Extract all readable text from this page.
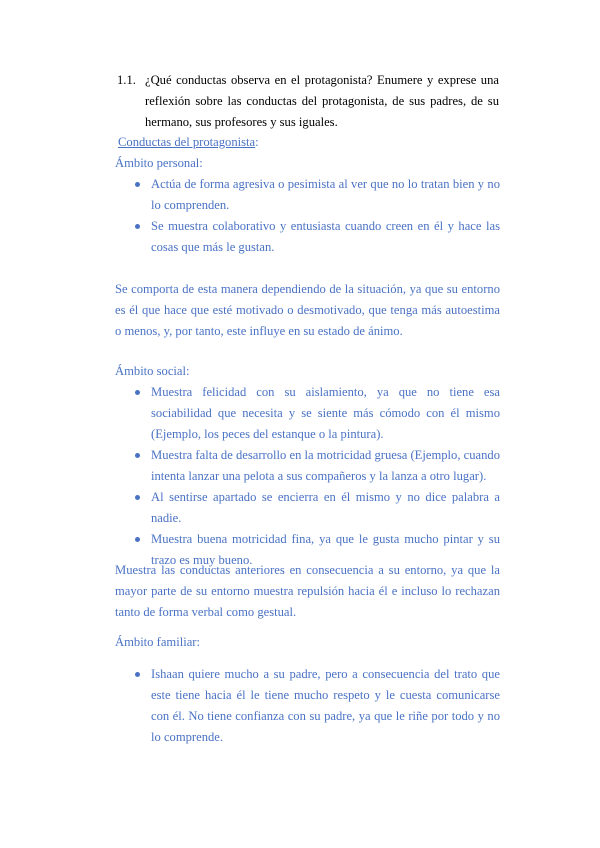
1.1. ¿Qué conductas observa en el protagonista? Enumere y exprese una reflexión sobre las conductas del protagonista, de sus padres, de su hermano, sus profesores y sus iguales.
Conductas del protagonista:
Ámbito personal:
Actúa de forma agresiva o pesimista al ver que no lo tratan bien y no lo comprenden.
Se muestra colaborativo y entusiasta cuando creen en él y hace las cosas que más le gustan.
Se comporta de esta manera dependiendo de la situación, ya que su entorno es él que hace que esté motivado o desmotivado, que tenga más autoestima o menos, y, por tanto, este influye en su estado de ánimo.
Ámbito social:
Muestra felicidad con su aislamiento, ya que no tiene esa sociabilidad que necesita y se siente más cómodo con él mismo (Ejemplo, los peces del estanque o la pintura).
Muestra falta de desarrollo en la motricidad gruesa (Ejemplo, cuando intenta lanzar una pelota a sus compañeros y la lanza a otro lugar).
Al sentirse apartado se encierra en él mismo y no dice palabra a nadie.
Muestra buena motricidad fina, ya que le gusta mucho pintar y su trazo es muy bueno.
Muestra las conductas anteriores en consecuencia a su entorno, ya que la mayor parte de su entorno muestra repulsión hacia él e incluso lo rechazan tanto de forma verbal como gestual.
Ámbito familiar:
Ishaan quiere mucho a su padre, pero a consecuencia del trato que este tiene hacia él le tiene mucho respeto y le cuesta comunicarse con él. No tiene confianza con su padre, ya que le riñe por todo y no lo comprende.
